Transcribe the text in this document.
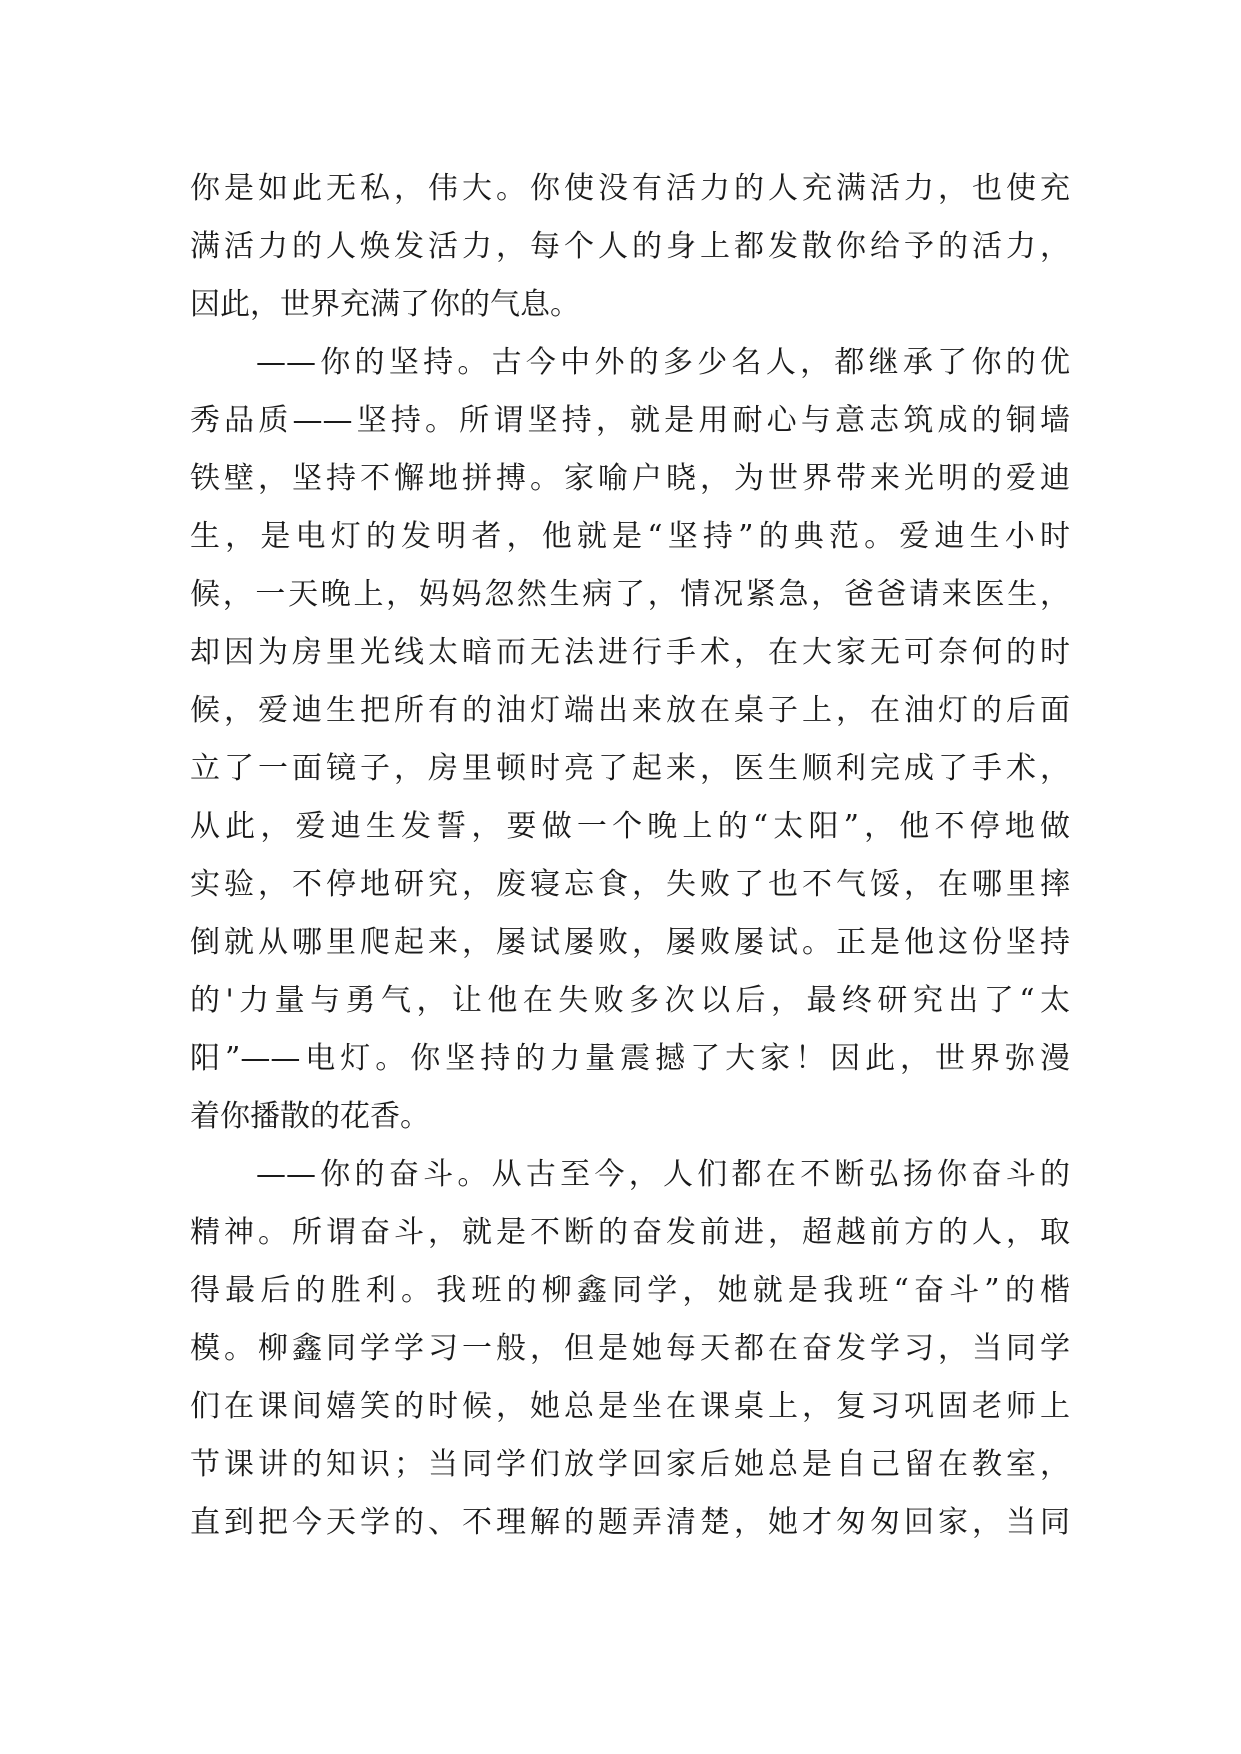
你是如此无私，伟大。你使没有活力的人充满活力，也使充
满活力的人焕发活力，每个人的身上都发散你给予的活力，
因此，世界充满了你的气息。
——你的坚持。古今中外的多少名人，都继承了你的优
秀品质——坚持。所谓坚持，就是用耐心与意志筑成的铜墙
铁壁，坚持不懈地拼搏。家喻户晓，为世界带来光明的爱迪
生，是电灯的发明者，他就是“坚持”的典范。爱迪生小时
候，一天晚上，妈妈忽然生病了，情况紧急，爸爸请来医生，
却因为房里光线太暗而无法进行手术，在大家无可奈何的时
候，爱迪生把所有的油灯端出来放在桌子上，在油灯的后面
立了一面镜子，房里顿时亮了起来，医生顺利完成了手术，
从此，爱迪生发誓，要做一个晚上的“太阳”，他不停地做
实验，不停地研究，废寝忘食，失败了也不气馁，在哪里摔
倒就从哪里爬起来，屡试屡败，屡败屡试。正是他这份坚持
的'力量与勇气，让他在失败多次以后，最终研究出了“太
阳”——电灯。你坚持的力量震撼了大家！因此，世界弥漫
着你播散的花香。
——你的奋斗。从古至今，人们都在不断弘扬你奋斗的
精神。所谓奋斗，就是不断的奋发前进，超越前方的人，取
得最后的胜利。我班的柳鑫同学，她就是我班“奋斗”的楷
模。柳鑫同学学习一般，但是她每天都在奋发学习，当同学
们在课间嬉笑的时候，她总是坐在课桌上，复习巩固老师上
节课讲的知识；当同学们放学回家后她总是自己留在教室，
直到把今天学的、不理解的题弄清楚，她才匆匆回家，当同
